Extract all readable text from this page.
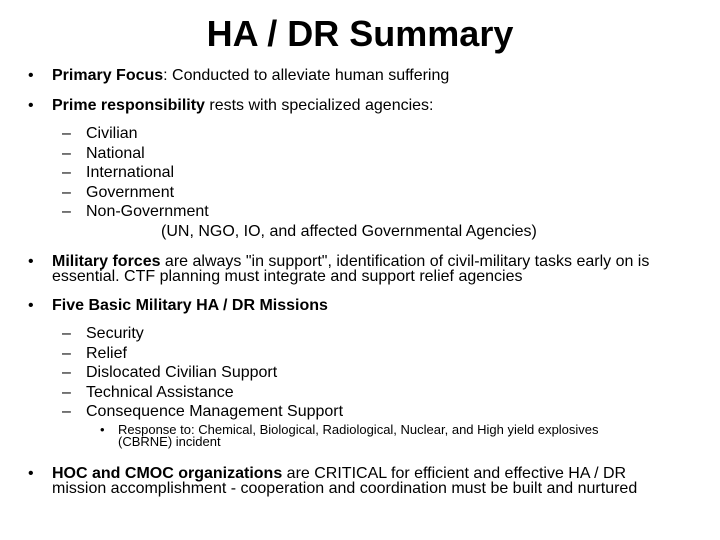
HA / DR Summary
• Primary Focus: Conducted to alleviate human suffering
• Prime responsibility rests with specialized agencies:
– Civilian
– National
– International
– Government
– Non-Government
(UN, NGO, IO, and affected Governmental Agencies)
• Military forces are always "in support", identification of civil-military tasks early on is essential. CTF planning must integrate and support relief agencies
• Five Basic Military HA / DR Missions
– Security
– Relief
– Dislocated Civilian Support
– Technical Assistance
– Consequence Management Support
• Response to: Chemical, Biological, Radiological, Nuclear, and High yield explosives (CBRNE) incident
• HOC and CMOC organizations are CRITICAL for efficient and effective HA / DR mission accomplishment - cooperation and coordination must be built and nurtured
